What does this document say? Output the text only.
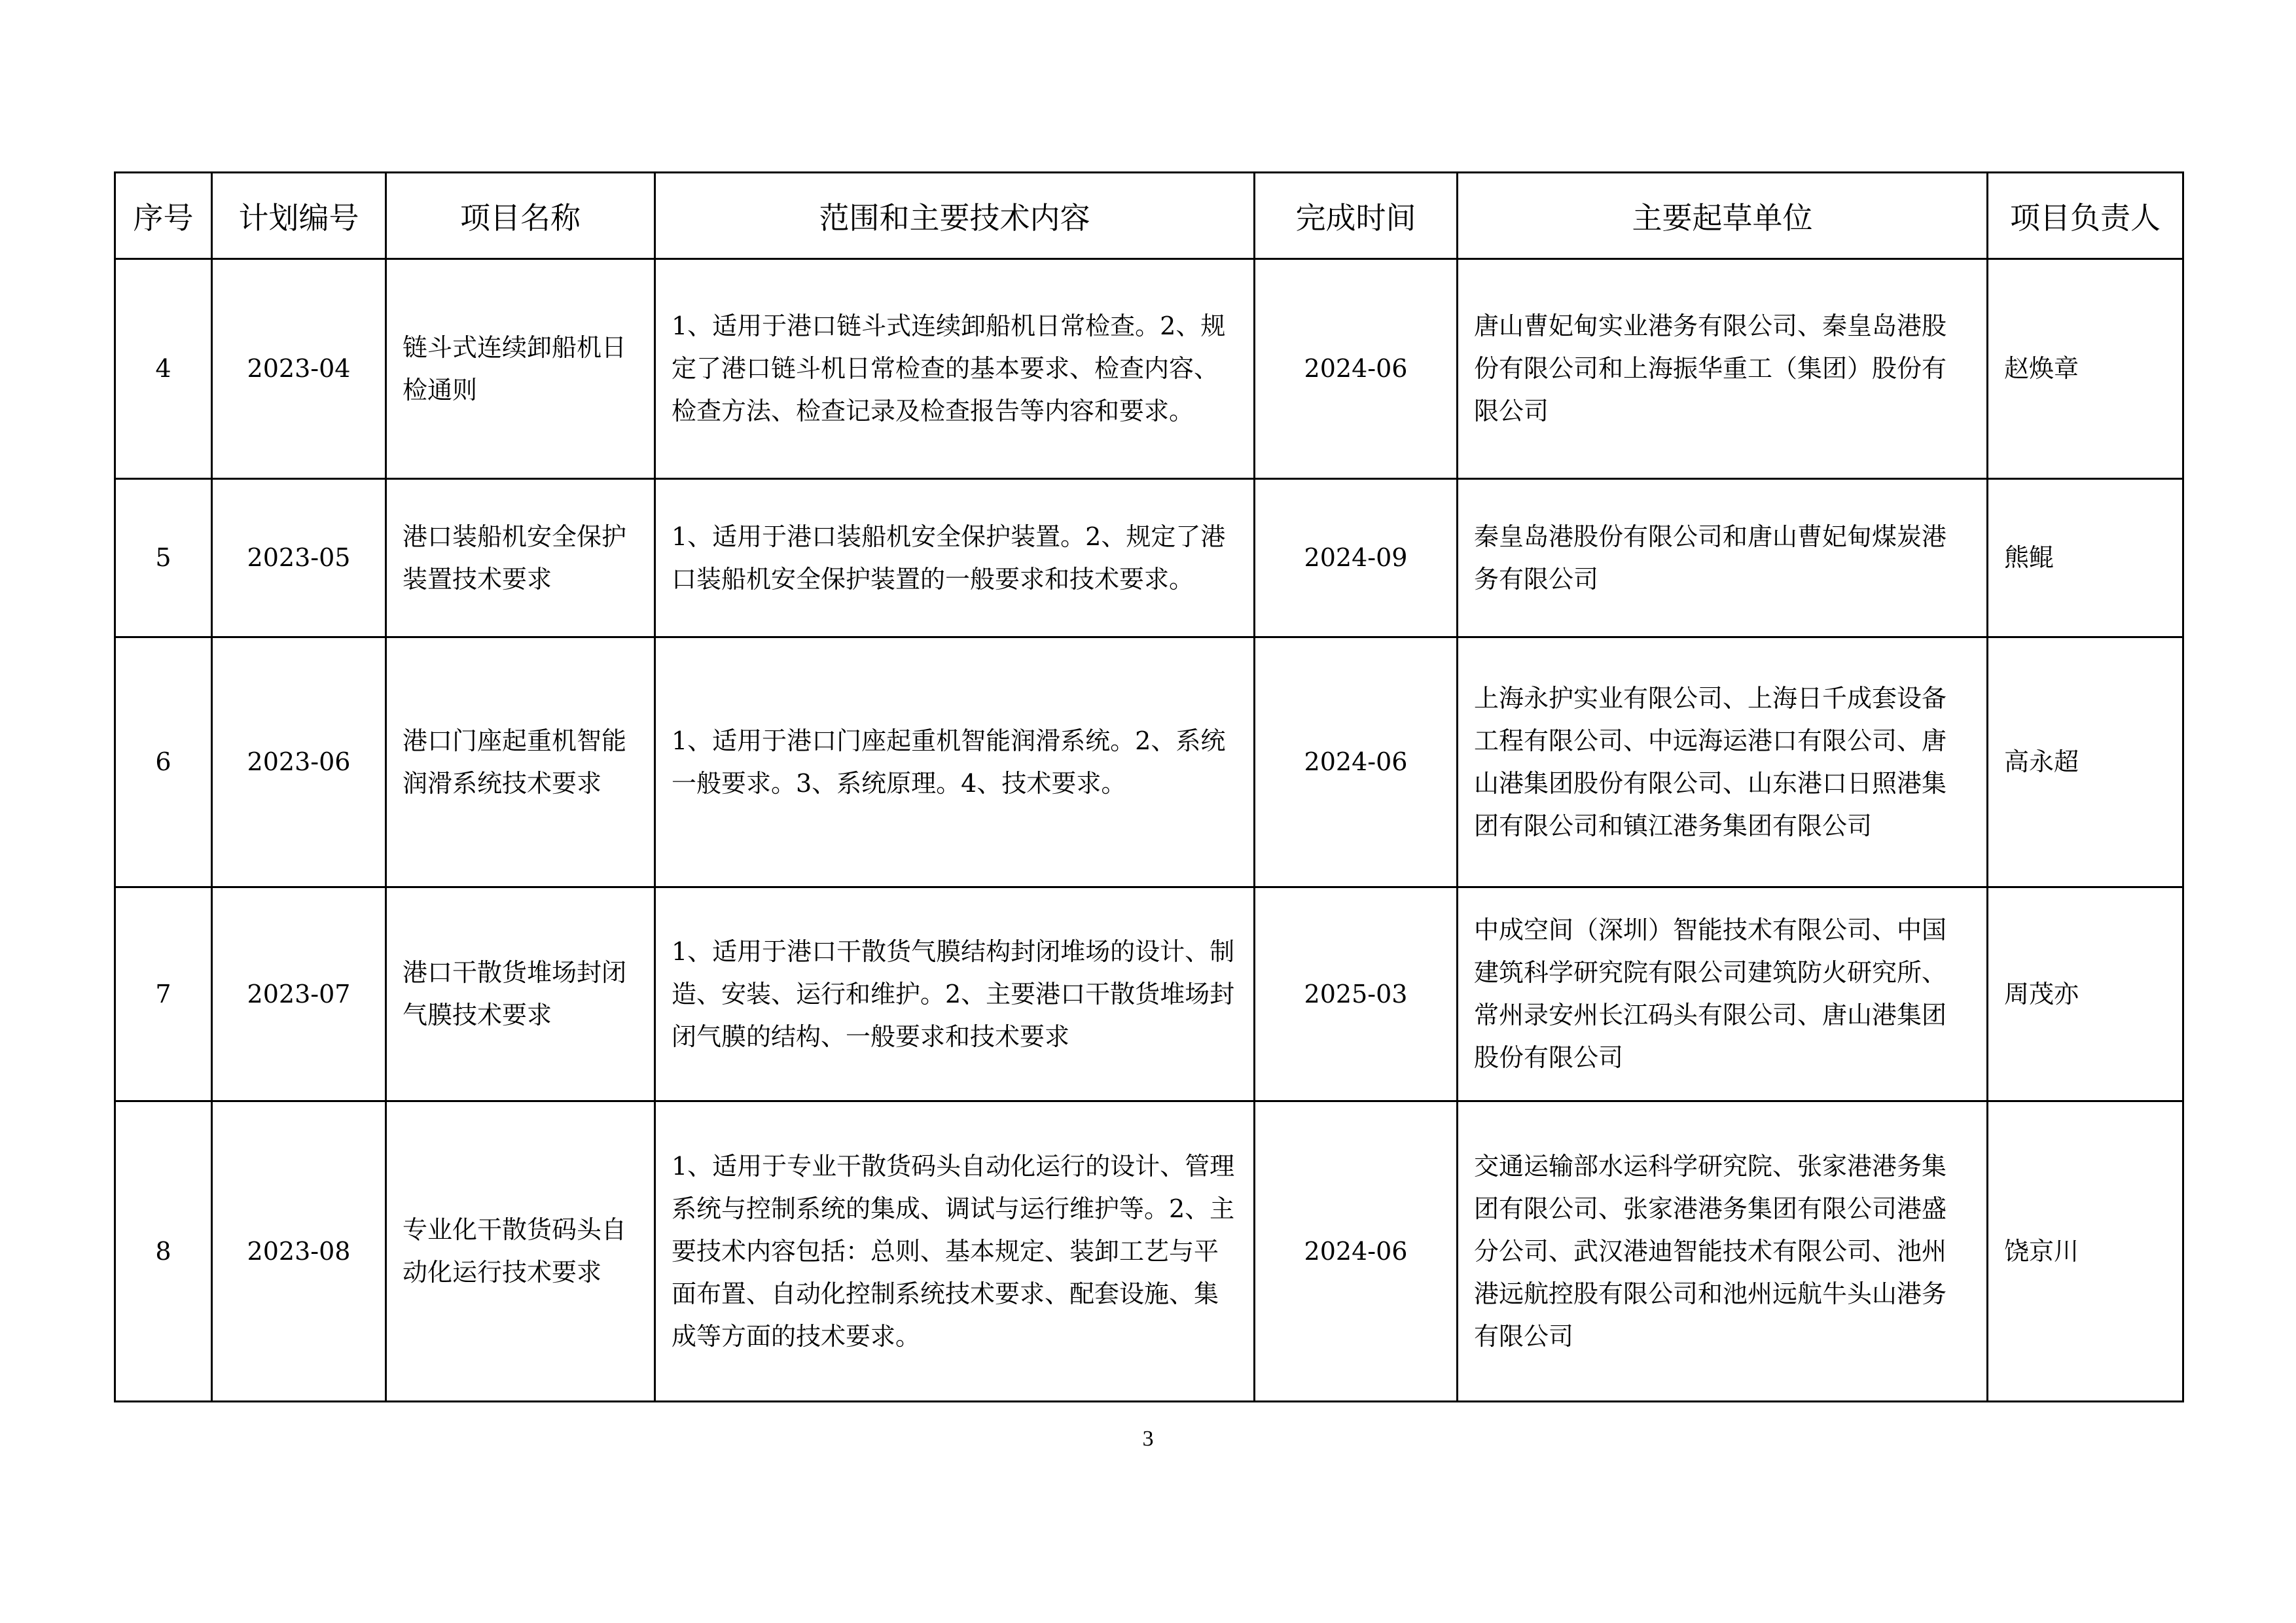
序号	计划编号	项目名称	范围和主要技术内容	完成时间	主要起草单位	项目负责人
4	2023-04	链斗式连续卸船机日检通则	1、适用于港口链斗式连续卸船机日常检查。2、规定了港口链斗机日常检查的基本要求、检查内容、检查方法、检查记录及检查报告等内容和要求。	2024-06	唐山曹妃甸实业港务有限公司、秦皇岛港股份有限公司和上海振华重工（集团）股份有限公司	赵焕章
5	2023-05	港口装船机安全保护装置技术要求	1、适用于港口装船机安全保护装置。2、规定了港口装船机安全保护装置的一般要求和技术要求。	2024-09	秦皇岛港股份有限公司和唐山曹妃甸煤炭港务有限公司	熊鲲
6	2023-06	港口门座起重机智能润滑系统技术要求	1、适用于港口门座起重机智能润滑系统。2、系统一般要求。3、系统原理。4、技术要求。	2024-06	上海永护实业有限公司、上海日千成套设备工程有限公司、中远海运港口有限公司、唐山港集团股份有限公司、山东港口日照港集团有限公司和镇江港务集团有限公司	高永超
7	2023-07	港口干散货堆场封闭气膜技术要求	1、适用于港口干散货气膜结构封闭堆场的设计、制造、安装、运行和维护。2、主要港口干散货堆场封闭气膜的结构、一般要求和技术要求	2025-03	中成空间（深圳）智能技术有限公司、中国建筑科学研究院有限公司建筑防火研究所、常州录安州长江码头有限公司、唐山港集团股份有限公司	周茂亦
8	2023-08	专业化干散货码头自动化运行技术要求	1、适用于专业干散货码头自动化运行的设计、管理系统与控制系统的集成、调试与运行维护等。2、主要技术内容包括：总则、基本规定、装卸工艺与平面布置、自动化控制系统技术要求、配套设施、集成等方面的技术要求。	2024-06	交通运输部水运科学研究院、张家港港务集团有限公司、张家港港务集团有限公司港盛分公司、武汉港迪智能技术有限公司、池州港远航控股有限公司和池州远航牛头山港务有限公司	饶京川
3
